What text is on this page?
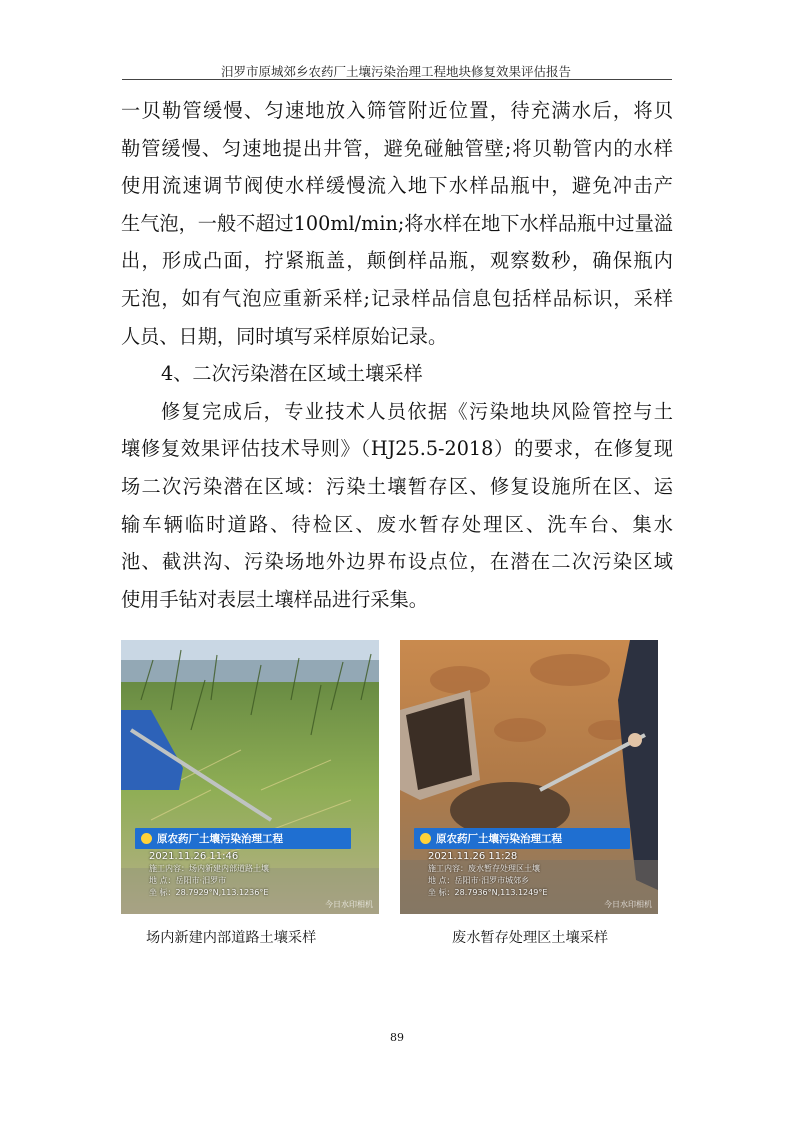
汨罗市原城郊乡农药厂土壤污染治理工程地块修复效果评估报告
一贝勒管缓慢、匀速地放入筛管附近位置，待充满水后，将贝
勒管缓慢、匀速地提出井管，避免碰触管壁;将贝勒管内的水样
使用流速调节阀使水样缓慢流入地下水样品瓶中，避免冲击产
生气泡，一般不超过100ml/min;将水样在地下水样品瓶中过量溢
出，形成凸面，拧紧瓶盖，颠倒样品瓶，观察数秒，确保瓶内
无泡，如有气泡应重新采样;记录样品信息包括样品标识，采样
人员、日期，同时填写采样原始记录。
4、二次污染潜在区域土壤采样
修复完成后，专业技术人员依据《污染地块风险管控与土
壤修复效果评估技术导则》（HJ25.5-2018）的要求，在修复现
场二次污染潜在区域：污染土壤暂存区、修复设施所在区、运
输车辆临时道路、待检区、废水暂存处理区、洗车台、集水
池、截洪沟、污染场地外边界布设点位，在潜在二次污染区域
使用手钻对表层土壤样品进行采集。
原农药厂土壤污染治理工程
2021.11.26 11:46
施工内容：场内新建内部道路土壤
地 点：岳阳市·汨罗市
坐 标：28.7929°N,113.1236°E
今日水印相机
原农药厂土壤污染治理工程
2021.11.26 11:28
施工内容：废水暂存处理区土壤
地 点：岳阳市·汨罗市城郊乡
坐 标：28.7936°N,113.1249°E
今日水印相机
场内新建内部道路土壤采样	废水暂存处理区土壤采样
89
